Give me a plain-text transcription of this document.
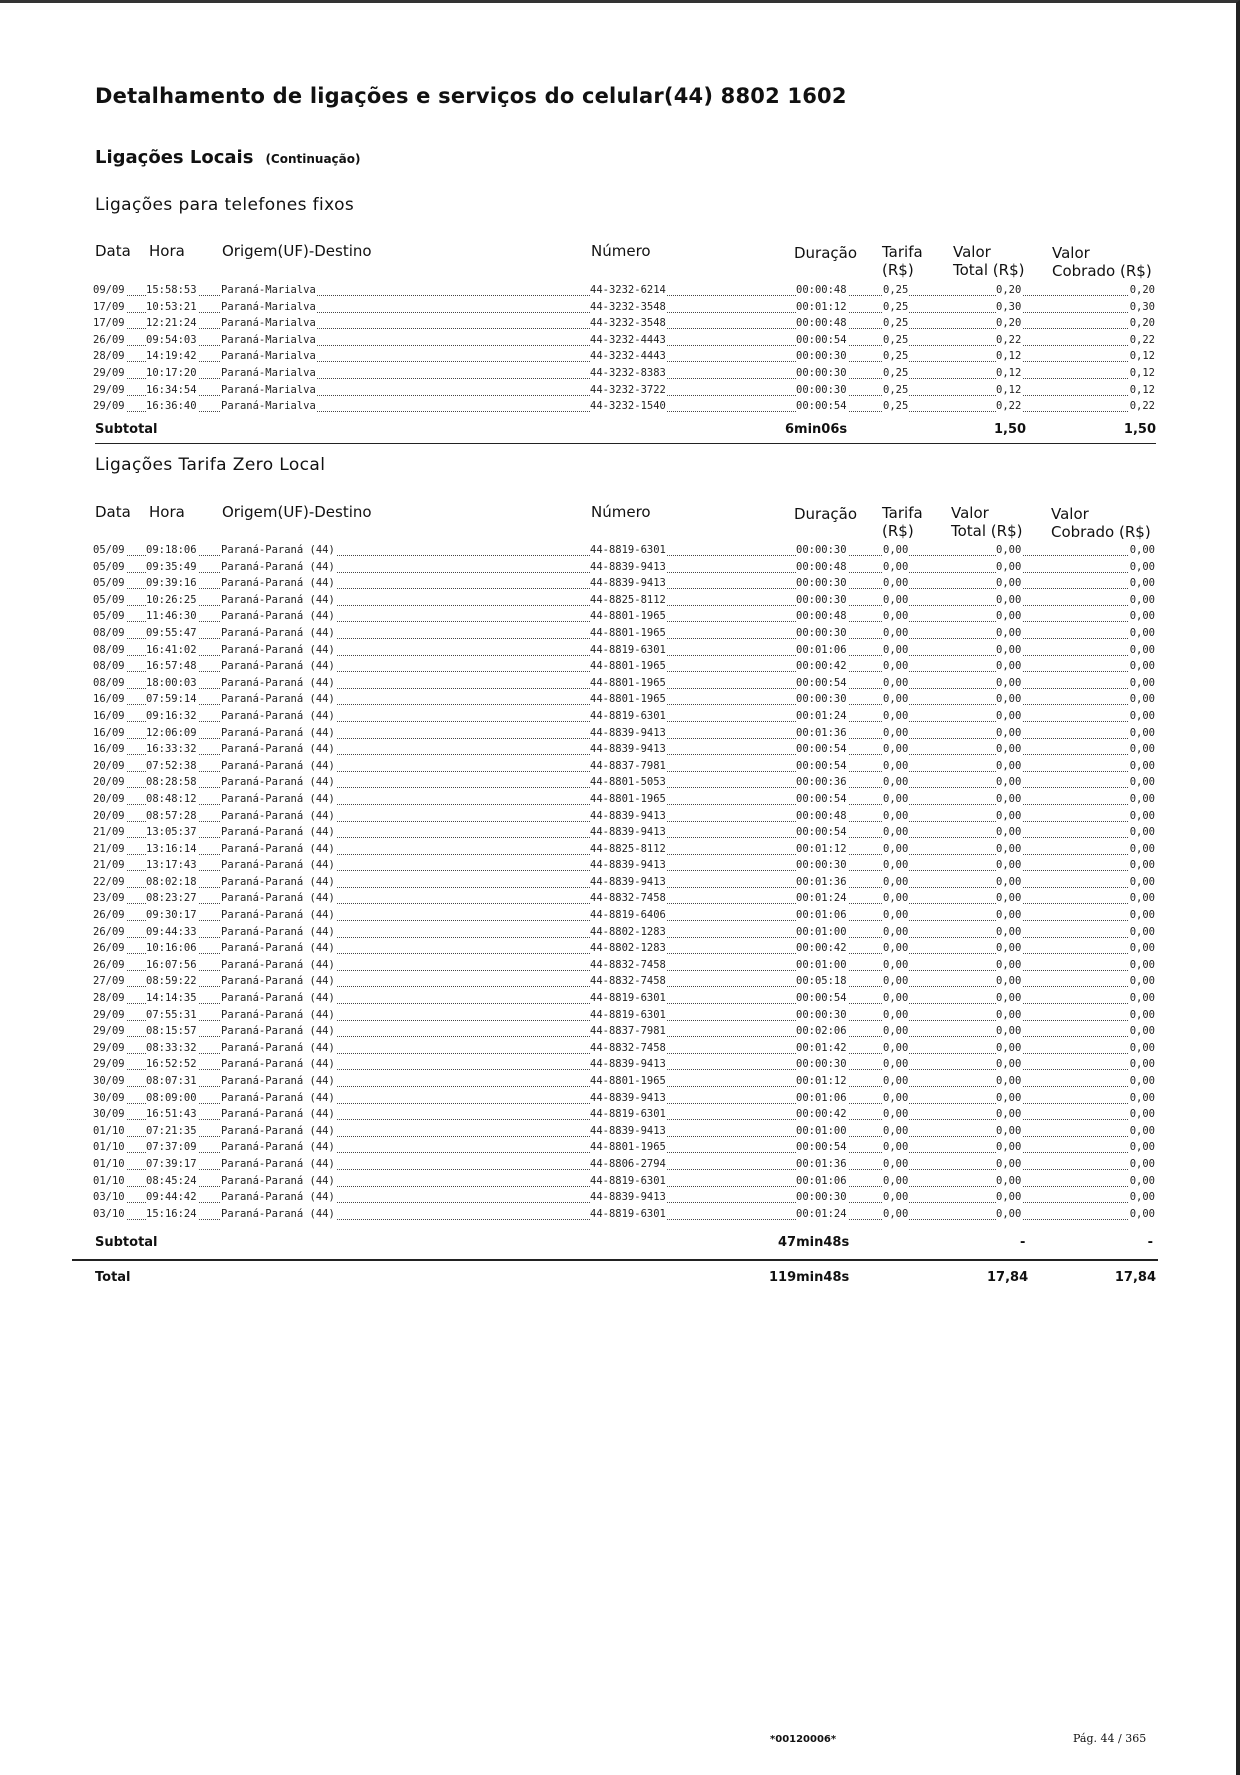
Detalhamento de ligações e serviços do celular(44) 8802 1602
Ligações Locais (Continuação)
Ligações para telefones fixos
Data Hora Origem(UF)-Destino	Número	Duração Tarifa
(R$)
Valor
Total (R$)
Valor
Cobrado (R$)
09/09 15:58:53 Paraná-Marialva	44-3232-6214	00:00:48	0,25	0,20	0,20
17/09 10:53:21 Paraná-Marialva	44-3232-3548	00:01:12	0,25	0,30	0,30
17/09 12:21:24 Paraná-Marialva	44-3232-3548	00:00:48	0,25	0,20	0,20
26/09 09:54:03 Paraná-Marialva	44-3232-4443	00:00:54	0,25	0,22	0,22
28/09 14:19:42 Paraná-Marialva	44-3232-4443	00:00:30	0,25	0,12	0,12
29/09 10:17:20 Paraná-Marialva	44-3232-8383	00:00:30	0,25	0,12	0,12
29/09 16:34:54 Paraná-Marialva	44-3232-3722	00:00:30	0,25	0,12	0,12
29/09 16:36:40 Paraná-Marialva	44-3232-1540	00:00:54	0,25	0,22	0,22
Subtotal	6min06s	1,50	1,50
Ligações Tarifa Zero Local
Data Hora Origem(UF)-Destino	Número	Duração Tarifa
(R$)
Valor
Total (R$)
Valor
Cobrado (R$)
05/09 09:18:06 Paraná-Paraná (44)	44-8819-6301	00:00:30	0,00	0,00	0,00
05/09 09:35:49 Paraná-Paraná (44)	44-8839-9413	00:00:48	0,00	0,00	0,00
05/09 09:39:16 Paraná-Paraná (44)	44-8839-9413	00:00:30	0,00	0,00	0,00
05/09 10:26:25 Paraná-Paraná (44)	44-8825-8112	00:00:30	0,00	0,00	0,00
05/09 11:46:30 Paraná-Paraná (44)	44-8801-1965	00:00:48	0,00	0,00	0,00
08/09 09:55:47 Paraná-Paraná (44)	44-8801-1965	00:00:30	0,00	0,00	0,00
08/09 16:41:02 Paraná-Paraná (44)	44-8819-6301	00:01:06	0,00	0,00	0,00
08/09 16:57:48 Paraná-Paraná (44)	44-8801-1965	00:00:42	0,00	0,00	0,00
08/09 18:00:03 Paraná-Paraná (44)	44-8801-1965	00:00:54	0,00	0,00	0,00
16/09 07:59:14 Paraná-Paraná (44)	44-8801-1965	00:00:30	0,00	0,00	0,00
16/09 09:16:32 Paraná-Paraná (44)	44-8819-6301	00:01:24	0,00	0,00	0,00
16/09 12:06:09 Paraná-Paraná (44)	44-8839-9413	00:01:36	0,00	0,00	0,00
16/09 16:33:32 Paraná-Paraná (44)	44-8839-9413	00:00:54	0,00	0,00	0,00
20/09 07:52:38 Paraná-Paraná (44)	44-8837-7981	00:00:54	0,00	0,00	0,00
20/09 08:28:58 Paraná-Paraná (44)	44-8801-5053	00:00:36	0,00	0,00	0,00
20/09 08:48:12 Paraná-Paraná (44)	44-8801-1965	00:00:54	0,00	0,00	0,00
20/09 08:57:28 Paraná-Paraná (44)	44-8839-9413	00:00:48	0,00	0,00	0,00
21/09 13:05:37 Paraná-Paraná (44)	44-8839-9413	00:00:54	0,00	0,00	0,00
21/09 13:16:14 Paraná-Paraná (44)	44-8825-8112	00:01:12	0,00	0,00	0,00
21/09 13:17:43 Paraná-Paraná (44)	44-8839-9413	00:00:30	0,00	0,00	0,00
22/09 08:02:18 Paraná-Paraná (44)	44-8839-9413	00:01:36	0,00	0,00	0,00
23/09 08:23:27 Paraná-Paraná (44)	44-8832-7458	00:01:24	0,00	0,00	0,00
26/09 09:30:17 Paraná-Paraná (44)	44-8819-6406	00:01:06	0,00	0,00	0,00
26/09 09:44:33 Paraná-Paraná (44)	44-8802-1283	00:01:00	0,00	0,00	0,00
26/09 10:16:06 Paraná-Paraná (44)	44-8802-1283	00:00:42	0,00	0,00	0,00
26/09 16:07:56 Paraná-Paraná (44)	44-8832-7458	00:01:00	0,00	0,00	0,00
27/09 08:59:22 Paraná-Paraná (44)	44-8832-7458	00:05:18	0,00	0,00	0,00
28/09 14:14:35 Paraná-Paraná (44)	44-8819-6301	00:00:54	0,00	0,00	0,00
29/09 07:55:31 Paraná-Paraná (44)	44-8819-6301	00:00:30	0,00	0,00	0,00
29/09 08:15:57 Paraná-Paraná (44)	44-8837-7981	00:02:06	0,00	0,00	0,00
29/09 08:33:32 Paraná-Paraná (44)	44-8832-7458	00:01:42	0,00	0,00	0,00
29/09 16:52:52 Paraná-Paraná (44)	44-8839-9413	00:00:30	0,00	0,00	0,00
30/09 08:07:31 Paraná-Paraná (44)	44-8801-1965	00:01:12	0,00	0,00	0,00
30/09 08:09:00 Paraná-Paraná (44)	44-8839-9413	00:01:06	0,00	0,00	0,00
30/09 16:51:43 Paraná-Paraná (44)	44-8819-6301	00:00:42	0,00	0,00	0,00
01/10 07:21:35 Paraná-Paraná (44)	44-8839-9413	00:01:00	0,00	0,00	0,00
01/10 07:37:09 Paraná-Paraná (44)	44-8801-1965	00:00:54	0,00	0,00	0,00
01/10 07:39:17 Paraná-Paraná (44)	44-8806-2794	00:01:36	0,00	0,00	0,00
01/10 08:45:24 Paraná-Paraná (44)	44-8819-6301	00:01:06	0,00	0,00	0,00
03/10 09:44:42 Paraná-Paraná (44)	44-8839-9413	00:00:30	0,00	0,00	0,00
03/10 15:16:24 Paraná-Paraná (44)	44-8819-6301	00:01:24	0,00	0,00	0,00
Subtotal	47min48s	-	-
Total	119min48s	17,84	17,84
*00120006*	Pág. 44 / 365
